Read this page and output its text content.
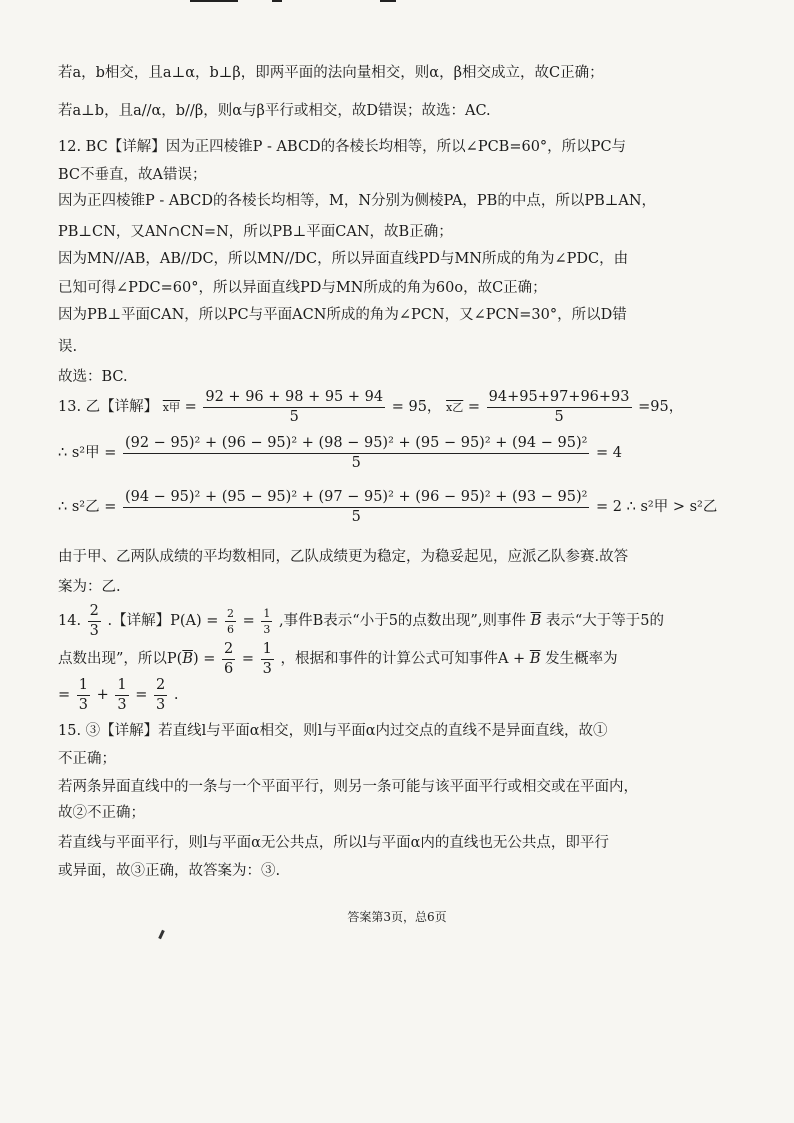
若a，b相交，且a⊥α，b⊥β，即两平面的法向量相交，则α，β相交成立，故C正确；
若a⊥b，且a//α，b//β，则α与β平行或相交，故D错误；故选：AC.
12. BC【详解】因为正四棱锥P - ABCD的各棱长均相等，所以∠PCB=60°，所以PC与
BC不垂直，故A错误；
因为正四棱锥P - ABCD的各棱长均相等，M，N分别为侧棱PA，PB的中点，所以PB⊥AN，
PB⊥CN，又AN∩CN=N，所以PB⊥平面CAN，故B正确；
因为MN//AB，AB//DC，所以MN//DC，所以异面直线PD与MN所成的角为∠PDC，由
已知可得∠PDC=60°，所以异面直线PD与MN所成的角为60o，故C正确；
因为PB⊥平面CAN，所以PC与平面ACN所成的角为∠PCN，又∠PCN=30°，所以D错
误.
故选：BC.
13. 乙【详解】 x甲 = $\frac{92 + 96 + 98 + 95 + 94}{5} = 95$， x乙 = $\frac{94+95+97+96+93}{5} =95$，
∴ s²甲 =
(92 − 95)² + (96 − 95)² + (98 − 95)² + (95 − 95)² + (94 − 95)²
5
= 4
∴ s²乙 =
(94 − 95)² + (95 − 95)² + (97 − 95)² + (96 − 95)² + (93 − 95)²
5
= 2 ∴ s²甲 > s²乙
由于甲、乙两队成绩的平均数相同，乙队成绩更为稳定，为稳妥起见，应派乙队参赛.故答
案为：乙.
14. $\frac{2}{3}$ .【详解】$P(A) = \frac{2}{6} = \frac{1}{3}$ ,事件B表示“小于5的点数出现”,则事件 $\overline{B}$ 表示“大于等于5的
点数出现”，所以$P(\overline{B}) = \frac{2}{6} = \frac{1}{3}$ ，根据和事件的计算公式可知事件$A + \overline{B}$ 发生概率为
= $\frac{1}{3} + \frac{1}{3} = \frac{2}{3}$ .
15. ③【详解】若直线l与平面α相交，则l与平面α内过交点的直线不是异面直线，故①
不正确；
若两条异面直线中的一条与一个平面平行，则另一条可能与该平面平行或相交或在平面内，
故②不正确；
若直线与平面平行，则l与平面α无公共点，所以l与平面α内的直线也无公共点，即平行
或异面，故③正确，故答案为：③.
答案第3页，总6页
